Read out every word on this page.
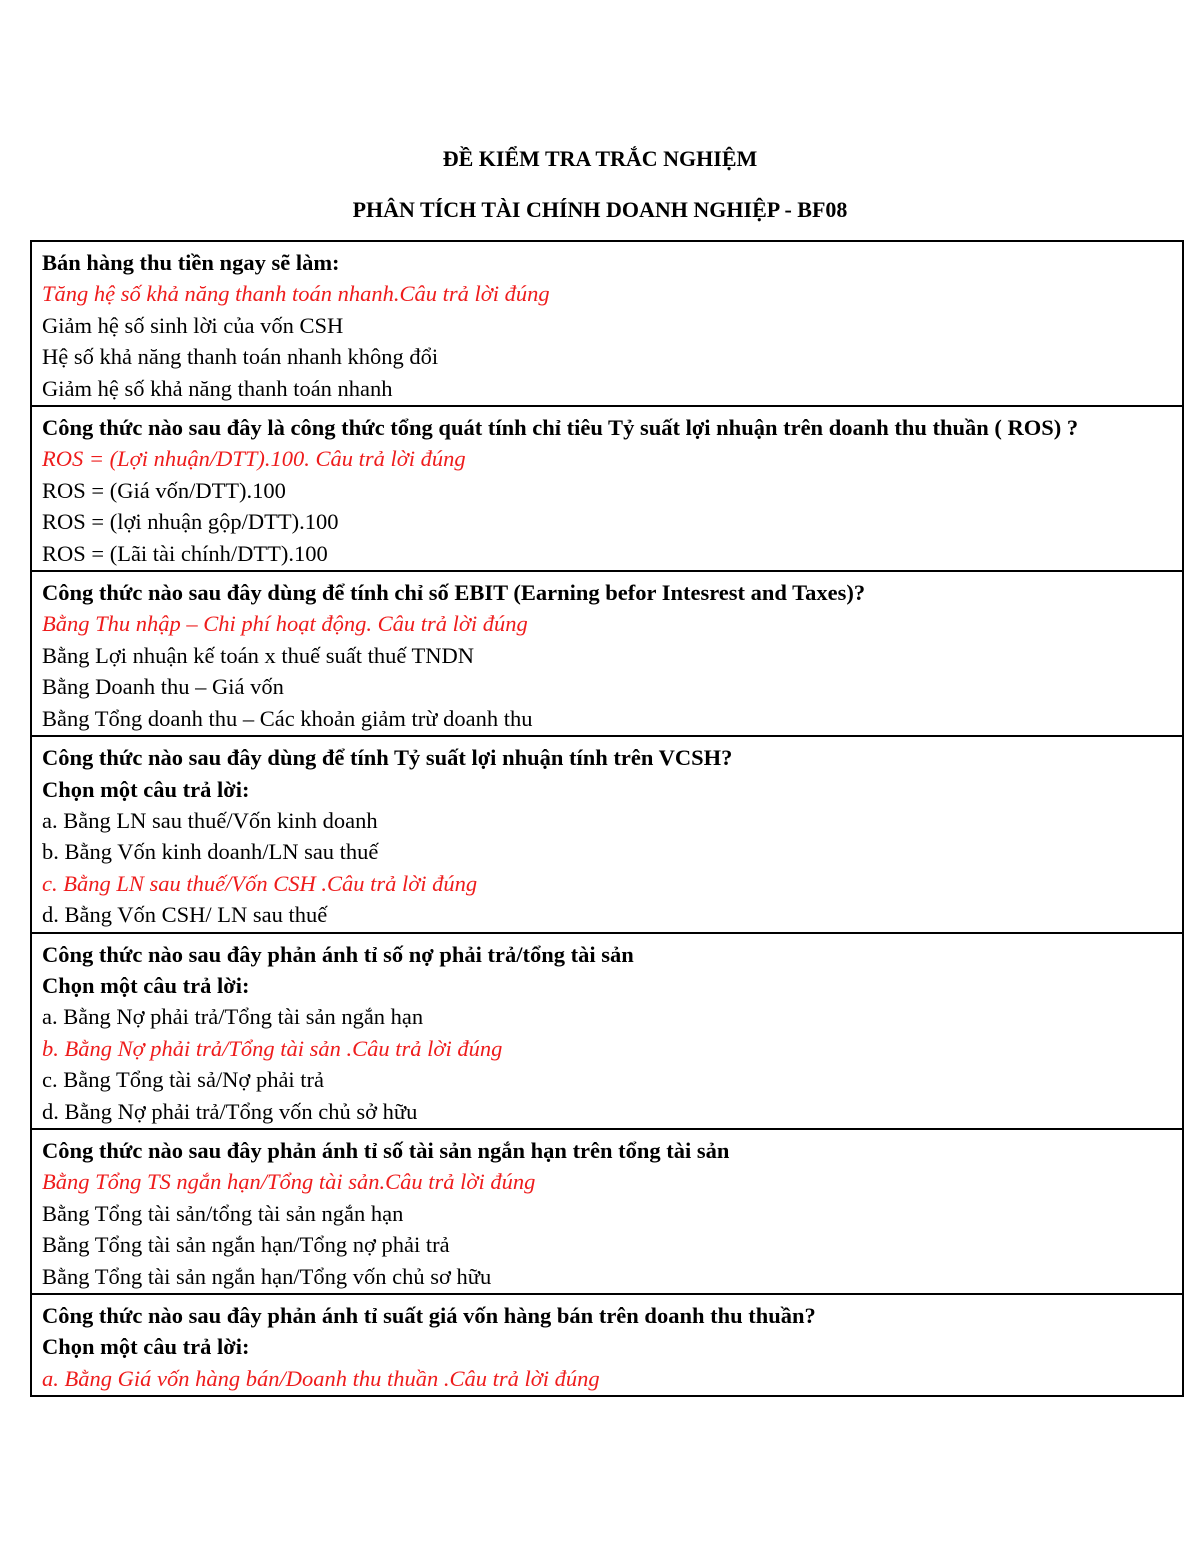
ĐỀ KIỂM TRA TRẮC NGHIỆM
PHÂN TÍCH TÀI CHÍNH DOANH NGHIỆP - BF08
Bán hàng thu tiền ngay sẽ làm:
Tăng hệ số khả năng thanh toán nhanh.Câu trả lời đúng
Giảm hệ số sinh lời của vốn CSH
Hệ số khả năng thanh toán nhanh không đổi
Giảm hệ số khả năng thanh toán nhanh

Công thức nào sau đây là công thức tổng quát tính chỉ tiêu Tỷ suất lợi nhuận trên doanh thu thuần ( ROS) ?
ROS = (Lợi nhuận/DTT).100. Câu trả lời đúng
ROS = (Giá vốn/DTT).100
ROS = (lợi nhuận gộp/DTT).100
ROS = (Lãi tài chính/DTT).100

Công thức nào sau đây dùng để tính chỉ số EBIT (Earning befor Intesrest and Taxes)?
Bằng Thu nhập – Chi phí hoạt động. Câu trả lời đúng
Bằng Lợi nhuận kế toán x thuế suất thuế TNDN
Bằng Doanh thu – Giá vốn
Bằng Tổng doanh thu – Các khoản giảm trừ doanh thu

Công thức nào sau đây dùng để tính Tỷ suất lợi nhuận tính trên VCSH?
Chọn một câu trả lời:
a. Bằng LN sau thuế/Vốn kinh doanh
b. Bằng Vốn kinh doanh/LN sau thuế
c. Bằng LN sau thuế/Vốn CSH .Câu trả lời đúng
d. Bằng Vốn CSH/ LN sau thuế

Công thức nào sau đây phản ánh tỉ số nợ phải trả/tổng tài sản
Chọn một câu trả lời:
a. Bằng Nợ phải trả/Tổng tài sản ngắn hạn
b. Bằng Nợ phải trả/Tổng tài sản .Câu trả lời đúng
c. Bằng Tổng tài sả/Nợ phải trả
d. Bằng Nợ phải trả/Tổng vốn chủ sở hữu

Công thức nào sau đây phản ánh tỉ số tài sản ngắn hạn trên tổng tài sản
Bằng Tổng TS ngắn hạn/Tổng tài sản.Câu trả lời đúng
Bằng Tổng tài sản/tổng tài sản ngắn hạn
Bằng Tổng tài sản ngắn hạn/Tổng nợ phải trả
Bằng Tổng tài sản ngắn hạn/Tổng vốn chủ sơ hữu

Công thức nào sau đây phản ánh tỉ suất giá vốn hàng bán trên doanh thu thuần?
Chọn một câu trả lời:
a. Bằng Giá vốn hàng bán/Doanh thu thuần .Câu trả lời đúng
